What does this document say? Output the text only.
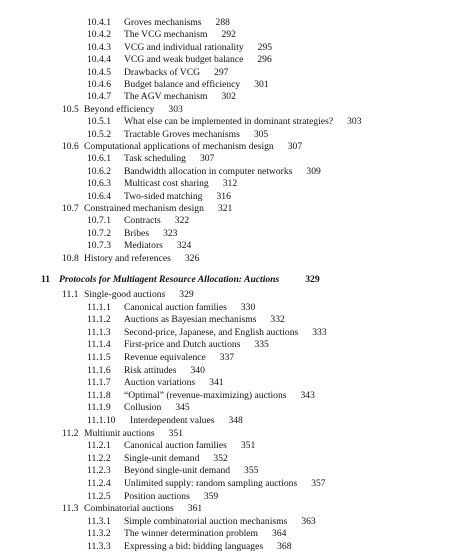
10.4.1 Groves mechanisms 288
10.4.2 The VCG mechanism 292
10.4.3 VCG and individual rationality 295
10.4.4 VCG and weak budget balance 296
10.4.5 Drawbacks of VCG 297
10.4.6 Budget balance and efficiency 301
10.4.7 The AGV mechanism 302
10.5 Beyond efficiency 303
10.5.1 What else can be implemented in dominant strategies? 303
10.5.2 Tractable Groves mechanisms 305
10.6 Computational applications of mechanism design 307
10.6.1 Task scheduling 307
10.6.2 Bandwidth allocation in computer networks 309
10.6.3 Multicast cost sharing 312
10.6.4 Two-sided matching 316
10.7 Constrained mechanism design 321
10.7.1 Contracts 322
10.7.2 Bribes 323
10.7.3 Mediators 324
10.8 History and references 326
11 Protocols for Multiagent Resource Allocation: Auctions	329
11.1 Single-good auctions 329
11.1.1 Canonical auction families 330
11.1.2 Auctions as Bayesian mechanisms 332
11.1.3 Second-price, Japanese, and English auctions 333
11.1.4 First-price and Dutch auctions 335
11.1.5 Revenue equivalence 337
11.1.6 Risk attitudes 340
11.1.7 Auction variations 341
11.1.8 “Optimal” (revenue-maximizing) auctions 343
11.1.9 Collusion 345
11.1.10 Interdependent values 348
11.2 Multiunit auctions 351
11.2.1 Canonical auction families 351
11.2.2 Single-unit demand 352
11.2.3 Beyond single-unit demand 355
11.2.4 Unlimited supply: random sampling auctions 357
11.2.5 Position auctions 359
11.3 Combinatorial auctions 361
11.3.1 Simple combinatorial auction mechanisms 363
11.3.2 The winner determination problem 364
11.3.3 Expressing a bid: bidding languages 368
